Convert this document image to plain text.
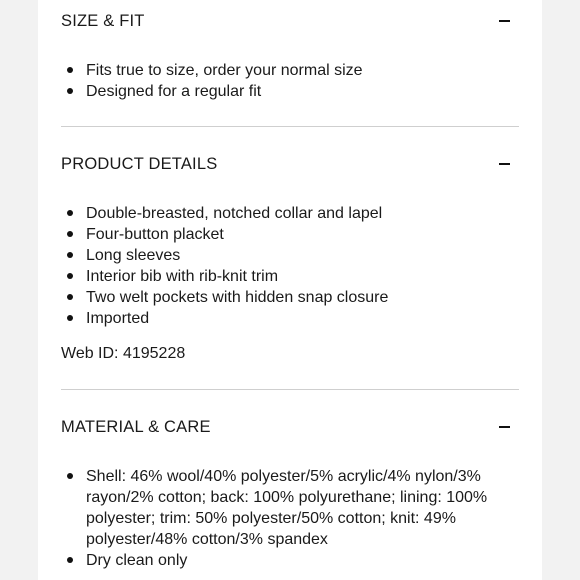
SIZE & FIT
Fits true to size, order your normal size
Designed for a regular fit
PRODUCT DETAILS
Double-breasted, notched collar and lapel
Four-button placket
Long sleeves
Interior bib with rib-knit trim
Two welt pockets with hidden snap closure
Imported
Web ID: 4195228
MATERIAL & CARE
Shell: 46% wool/40% polyester/5% acrylic/4% nylon/3% rayon/2% cotton; back: 100% polyurethane; lining: 100% polyester; trim: 50% polyester/50% cotton; knit: 49% polyester/48% cotton/3% spandex
Dry clean only
